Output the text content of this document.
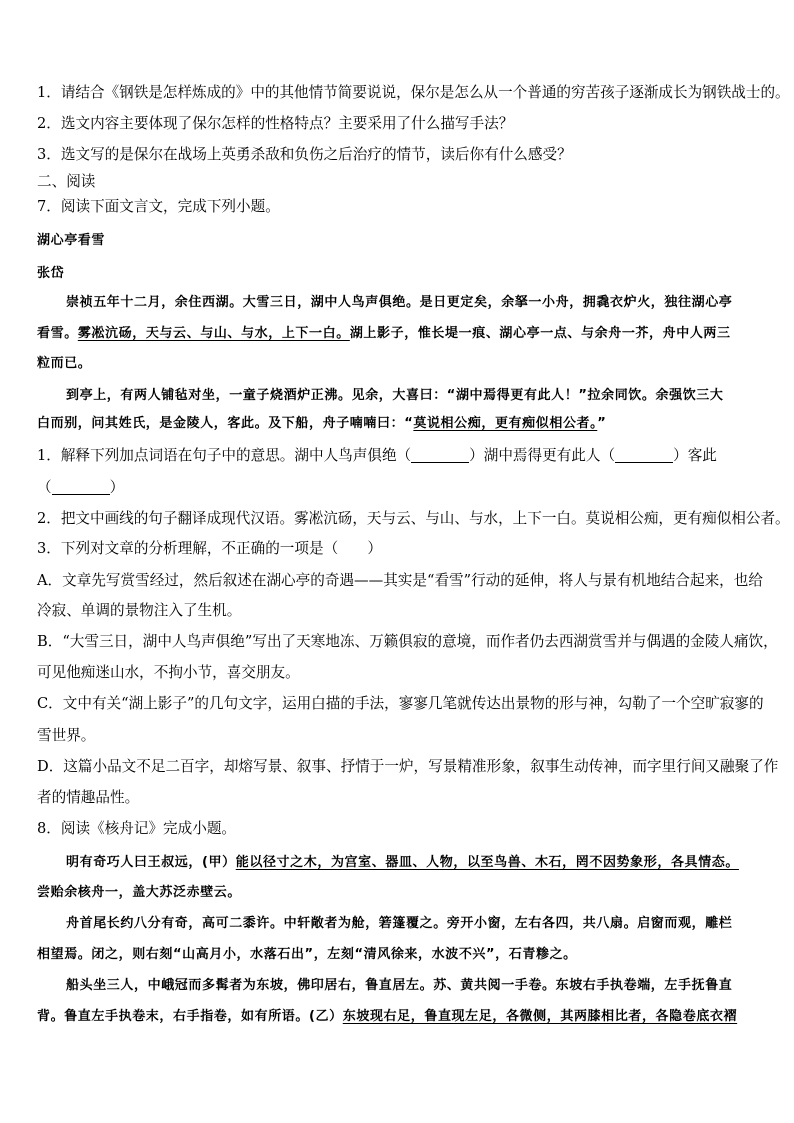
1．请结合《钢铁是怎样炼成的》中的其他情节简要说说，保尔是怎么从一个普通的穷苦孩子逐渐成长为钢铁战士的。
2．选文内容主要体现了保尔怎样的性格特点？主要采用了什么描写手法？
3．选文写的是保尔在战场上英勇杀敌和负伤之后治疗的情节，读后你有什么感受？
二、阅读
7．阅读下面文言文，完成下列小题。
湖心亭看雪
张岱
崇祯五年十二月，余住西湖。大雪三日，湖中人鸟声俱绝。是日更定矣，余拏一小舟，拥毳衣炉火，独往湖心亭
看雪。雾凇沆砀，天与云、与山、与水，上下一白。湖上影子，惟长堤一痕、湖心亭一点、与余舟一芥，舟中人两三
粒而已。
到亭上，有两人铺毡对坐，一童子烧酒炉正沸。见余，大喜曰：“湖中焉得更有此人！”拉余同饮。余强饮三大
白而别，问其姓氏，是金陵人，客此。及下船，舟子喃喃曰：“莫说相公痴，更有痴似相公者。”
1．解释下列加点词语在句子中的意思。湖中人鸟声俱绝（	）湖中焉得更有此人（	）客此
（	）
2．把文中画线的句子翻译成现代汉语。雾凇沆砀，天与云、与山、与水，上下一白。莫说相公痴，更有痴似相公者。
3．下列对文章的分析理解，不正确的一项是（　　）
A．文章先写赏雪经过，然后叙述在湖心亭的奇遇——其实是“看雪”行动的延伸，将人与景有机地结合起来，也给
冷寂、单调的景物注入了生机。
B．“大雪三日，湖中人鸟声俱绝”写出了天寒地冻、万籁俱寂的意境，而作者仍去西湖赏雪并与偶遇的金陵人痛饮，
可见他痴迷山水，不拘小节，喜交朋友。
C．文中有关“湖上影子”的几句文字，运用白描的手法，寥寥几笔就传达出景物的形与神，勾勒了一个空旷寂寥的
雪世界。
D．这篇小品文不足二百字，却熔写景、叙事、抒情于一炉，写景精准形象，叙事生动传神，而字里行间又融聚了作
者的情趣品性。
8．阅读《核舟记》完成小题。
明有奇巧人曰王叔远，(甲）能以径寸之木，为宫室、器皿、人物，以至鸟兽、木石，罔不因势象形，各具情态。
尝贻余核舟一，盖大苏泛赤壁云。
舟首尾长约八分有奇，高可二黍许。中轩敞者为舱，箬篷覆之。旁开小窗，左右各四，共八扇。启窗而观，雕栏
相望焉。闭之，则右刻“山高月小，水落石出”，左刻“清风徐来，水波不兴”，石青糁之。
船头坐三人，中峨冠而多髯者为东坡，佛印居右，鲁直居左。苏、黄共阅一手卷。东坡右手执卷端，左手抚鲁直
背。鲁直左手执卷末，右手指卷，如有所语。(乙）东坡现右足，鲁直现左足，各微侧，其两膝相比者，各隐卷底衣褶
